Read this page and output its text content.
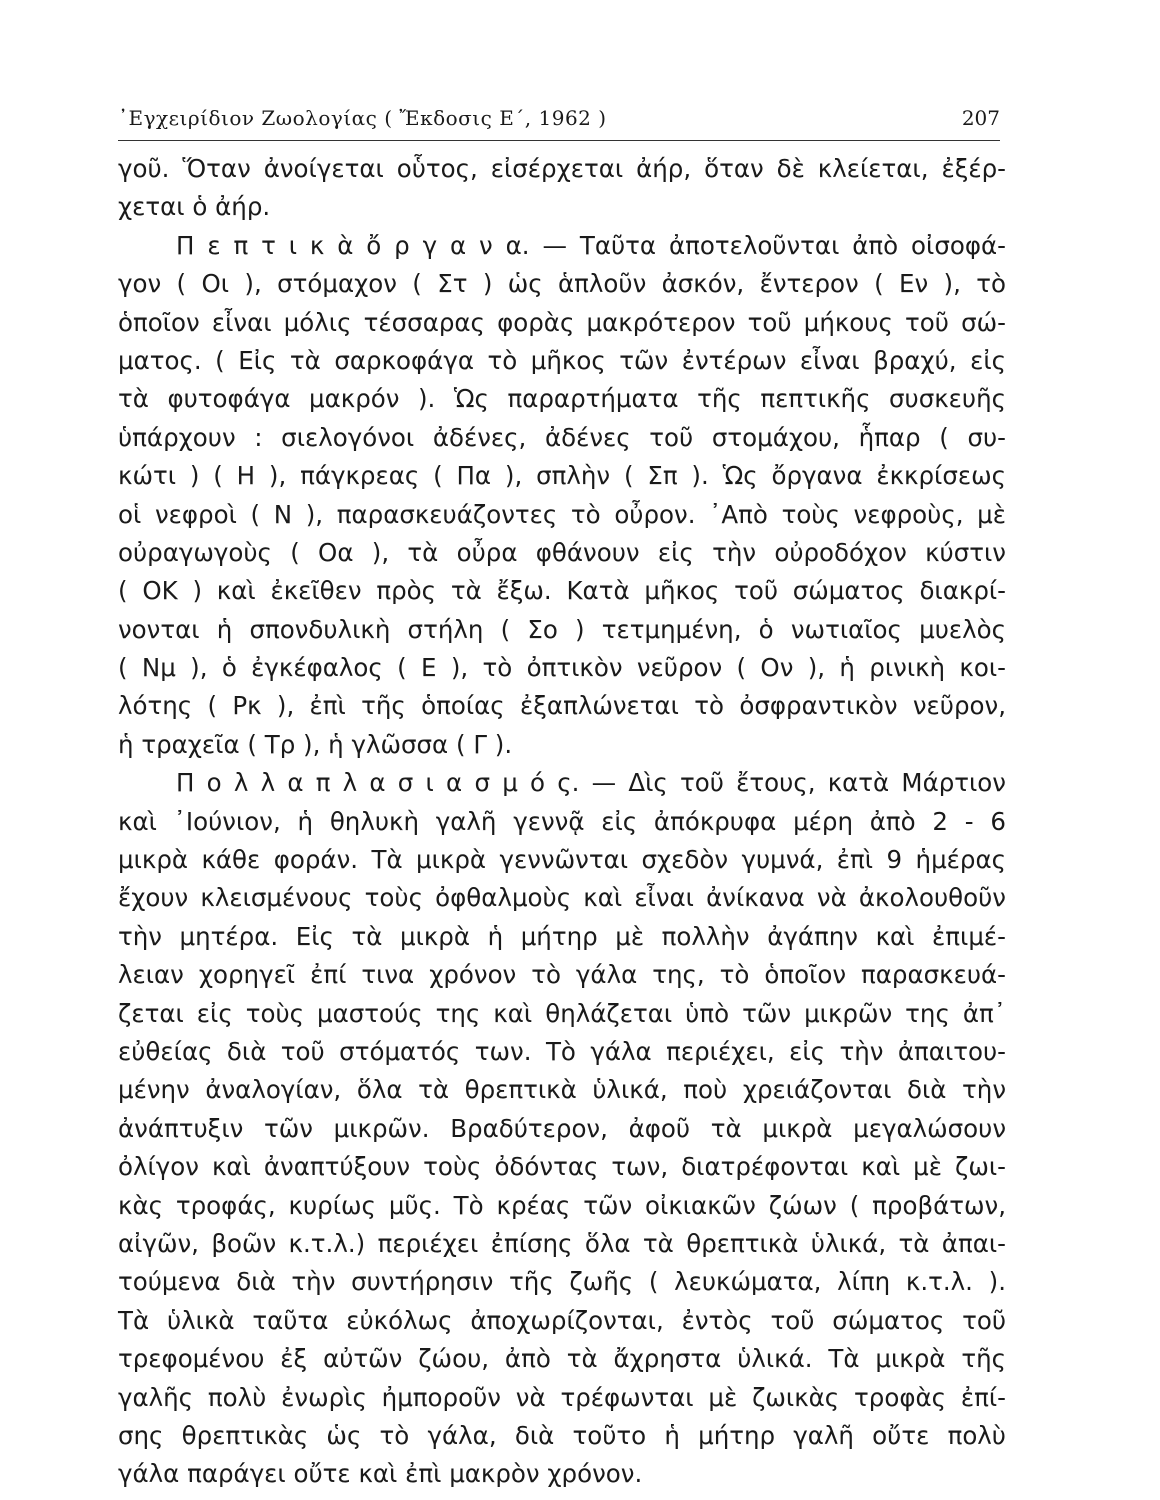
᾽Εγχειρίδιον Ζωολογίας ( Ἔκδοσις Ε΄, 1962 )	207
γοῦ. Ὅταν ἀνοίγεται οὗτος, εἰσέρχεται ἀήρ, ὅταν δὲ κλείεται, ἐξέρ-
χεται ὁ ἀήρ.
Π ε π τ ι κ ὰ ὄ ρ γ α ν α. — Ταῦτα ἀποτελοῦνται ἀπὸ οἰσοφά-
γον ( Οι ), στόμαχον ( Στ ) ὡς ἁπλοῦν ἀσκόν, ἔντερον ( Εν ), τὸ
ὁποῖον εἶναι μόλις τέσσαρας φορὰς μακρότερον τοῦ μήκους τοῦ σώ-
ματος. ( Εἰς τὰ σαρκοφάγα τὸ μῆκος τῶν ἐντέρων εἶναι βραχύ, εἰς
τὰ φυτοφάγα μακρόν ). Ὡς παραρτήματα τῆς πεπτικῆς συσκευῆς
ὑπάρχουν : σιελογόνοι ἀδένες, ἀδένες τοῦ στομάχου, ἧπαρ ( συ-
κώτι ) ( Η ), πάγκρεας ( Πα ), σπλὴν ( Σπ ). Ὡς ὄργανα ἐκκρίσεως
οἱ νεφροὶ ( Ν ), παρασκευάζοντες τὸ οὖρον. ᾽Απὸ τοὺς νεφροὺς, μὲ
οὐραγωγοὺς ( Οα ), τὰ οὖρα φθάνουν εἰς τὴν οὐροδόχον κύστιν
( ΟΚ ) καὶ ἐκεῖθεν πρὸς τὰ ἔξω. Κατὰ μῆκος τοῦ σώματος διακρί-
νονται ἡ σπονδυλικὴ στήλη ( Σο ) τετμημένη, ὁ νωτιαῖος μυελὸς
( Νμ ), ὁ ἐγκέφαλος ( Ε ), τὸ ὀπτικὸν νεῦρον ( Ον ), ἡ ρινικὴ κοι-
λότης ( Ρκ ), ἐπὶ τῆς ὁποίας ἐξαπλώνεται τὸ ὀσφραντικὸν νεῦρον,
ἡ τραχεῖα ( Τρ ), ἡ γλῶσσα ( Γ ).
Π ο λ λ α π λ α σ ι α σ μ ό ς. — Δὶς τοῦ ἔτους, κατὰ Μάρτιον
καὶ ᾽Ιούνιον, ἡ θηλυκὴ γαλῆ γεννᾷ εἰς ἀπόκρυφα μέρη ἀπὸ 2 - 6
μικρὰ κάθε φοράν. Τὰ μικρὰ γεννῶνται σχεδὸν γυμνά, ἐπὶ 9 ἡμέρας
ἔχουν κλεισμένους τοὺς ὀφθαλμοὺς καὶ εἶναι ἀνίκανα νὰ ἀκολουθοῦν
τὴν μητέρα. Εἰς τὰ μικρὰ ἡ μήτηρ μὲ πολλὴν ἀγάπην καὶ ἐπιμέ-
λειαν χορηγεῖ ἐπί τινα χρόνον τὸ γάλα της, τὸ ὁποῖον παρασκευά-
ζεται εἰς τοὺς μαστούς της καὶ θηλάζεται ὑπὸ τῶν μικρῶν της ἀπ᾽
εὐθείας διὰ τοῦ στόματός των. Τὸ γάλα περιέχει, εἰς τὴν ἀπαιτου-
μένην ἀναλογίαν, ὅλα τὰ θρεπτικὰ ὑλικά, ποὺ χρειάζονται διὰ τὴν
ἀνάπτυξιν τῶν μικρῶν. Βραδύτερον, ἀφοῦ τὰ μικρὰ μεγαλώσουν
ὀλίγον καὶ ἀναπτύξουν τοὺς ὀδόντας των, διατρέφονται καὶ μὲ ζωι-
κὰς τροφάς, κυρίως μῦς. Τὸ κρέας τῶν οἰκιακῶν ζώων ( προβάτων,
αἰγῶν, βοῶν κ.τ.λ.) περιέχει ἐπίσης ὅλα τὰ θρεπτικὰ ὑλικά, τὰ ἀπαι-
τούμενα διὰ τὴν συντήρησιν τῆς ζωῆς ( λευκώματα, λίπη κ.τ.λ. ).
Τὰ ὑλικὰ ταῦτα εὐκόλως ἀποχωρίζονται, ἐντὸς τοῦ σώματος τοῦ
τρεφομένου ἐξ αὐτῶν ζώου, ἀπὸ τὰ ἄχρηστα ὑλικά. Τὰ μικρὰ τῆς
γαλῆς πολὺ ἐνωρὶς ἠμποροῦν νὰ τρέφωνται μὲ ζωικὰς τροφὰς ἐπί-
σης θρεπτικὰς ὡς τὸ γάλα, διὰ τοῦτο ἡ μήτηρ γαλῆ οὔτε πολὺ
γάλα παράγει οὔτε καὶ ἐπὶ μακρὸν χρόνον.
